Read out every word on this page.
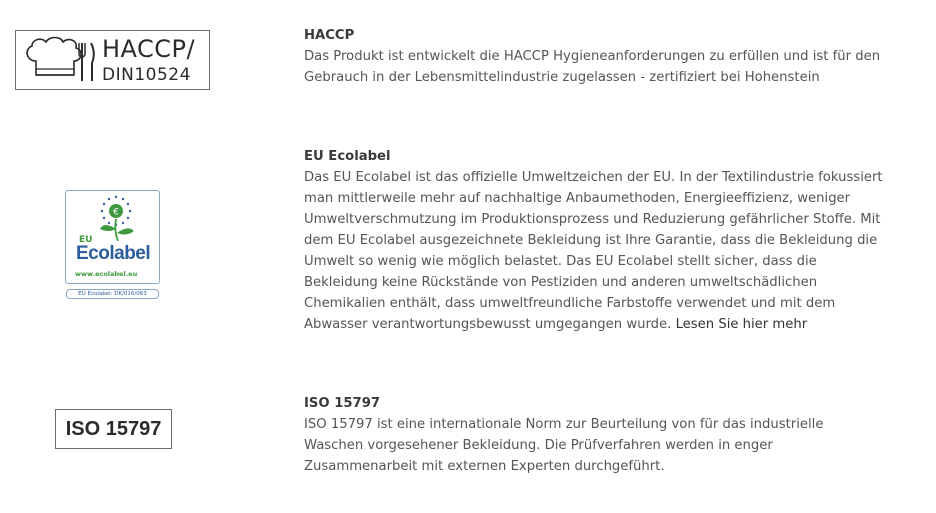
HACCP/
DIN10524
HACCP

Das Produkt ist entwickelt die HACCP Hygieneanforderungen zu erfüllen und ist für den Gebrauch in der Lebensmittelindustrie zugelassen - zertifiziert bei Hohenstein

€
EU
Ecolabel
www.ecolabel.eu
EU Ecolabel: DK/016/063
EU Ecolabel

Das EU Ecolabel ist das offizielle Umweltzeichen der EU. In der Textilindustrie fokussiert man mittlerweile mehr auf nachhaltige Anbaumethoden, Energieeffizienz, weniger Umweltverschmutzung im Produktionsprozess und Reduzierung gefährlicher Stoffe. Mit dem EU Ecolabel ausgezeichnete Bekleidung ist Ihre Garantie, dass die Bekleidung die Umwelt so wenig wie möglich belastet. Das EU Ecolabel stellt sicher, dass die Bekleidung keine Rückstände von Pestiziden und anderen umweltschädlichen Chemikalien enthält, dass umweltfreundliche Farbstoffe verwendet und mit dem Abwasser verantwortungsbewusst umgegangen wurde. Lesen Sie hier mehr

ISO 15797
ISO 15797

ISO 15797 ist eine internationale Norm zur Beurteilung von für das industrielle Waschen vorgesehener Bekleidung. Die Prüfverfahren werden in enger Zusammenarbeit mit externen Experten durchgeführt.
